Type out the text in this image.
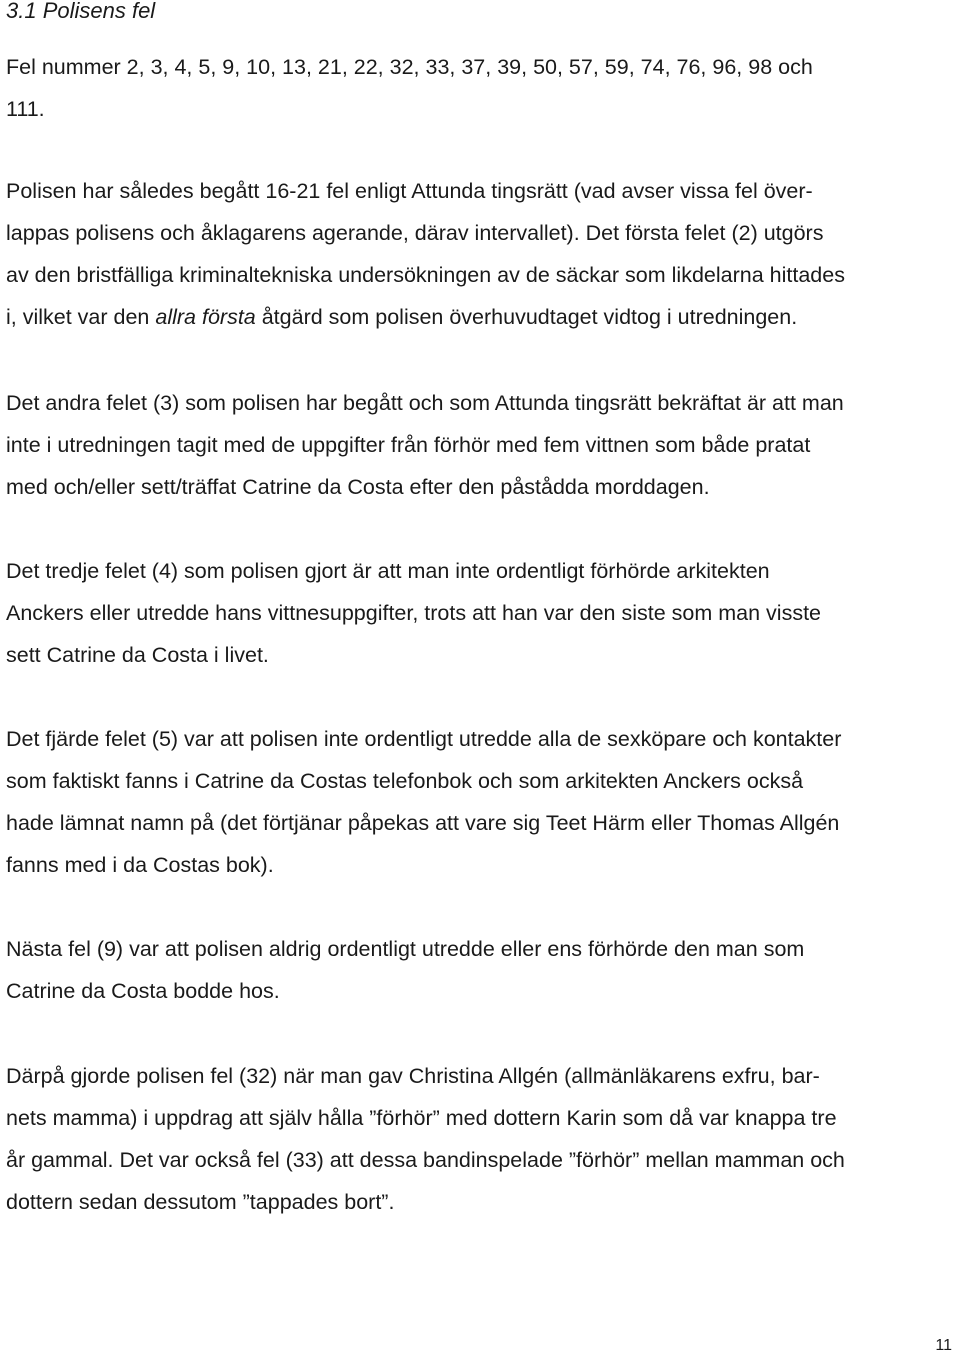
3.1 Polisens fel
Fel nummer 2, 3, 4, 5, 9, 10, 13, 21, 22, 32, 33, 37, 39, 50, 57, 59, 74, 76, 96, 98 och
111.
Polisen har således begått 16-21 fel enligt Attunda tingsrätt (vad avser vissa fel över-
lappas polisens och åklagarens agerande, därav intervallet). Det första felet (2) utgörs
av den bristfälliga kriminaltekniska undersökningen av de säckar som likdelarna hittades
i, vilket var den allra första åtgärd som polisen överhuvudtaget vidtog i utredningen.
Det andra felet (3) som polisen har begått och som Attunda tingsrätt bekräftat är att man
inte i utredningen tagit med de uppgifter från förhör med fem vittnen som både pratat
med och/eller sett/träffat Catrine da Costa efter den påstådda morddagen.
Det tredje felet (4) som polisen gjort är att man inte ordentligt förhörde arkitekten
Anckers eller utredde hans vittnesuppgifter, trots att han var den siste som man visste
sett Catrine da Costa i livet.
Det fjärde felet (5) var att polisen inte ordentligt utredde alla de sexköpare och kontakter
som faktiskt fanns i Catrine da Costas telefonbok och som arkitekten Anckers också
hade lämnat namn på (det förtjänar påpekas att vare sig Teet Härm eller Thomas Allgén
fanns med i da Costas bok).
Nästa fel (9) var att polisen aldrig ordentligt utredde eller ens förhörde den man som
Catrine da Costa bodde hos.
Därpå gjorde polisen fel (32) när man gav Christina Allgén (allmänläkarens exfru, bar-
nets mamma) i uppdrag att själv hålla ”förhör” med dottern Karin som då var knappa tre
år gammal. Det var också fel (33) att dessa bandinspelade ”förhör” mellan mamman och
dottern sedan dessutom ”tappades bort”.
11
